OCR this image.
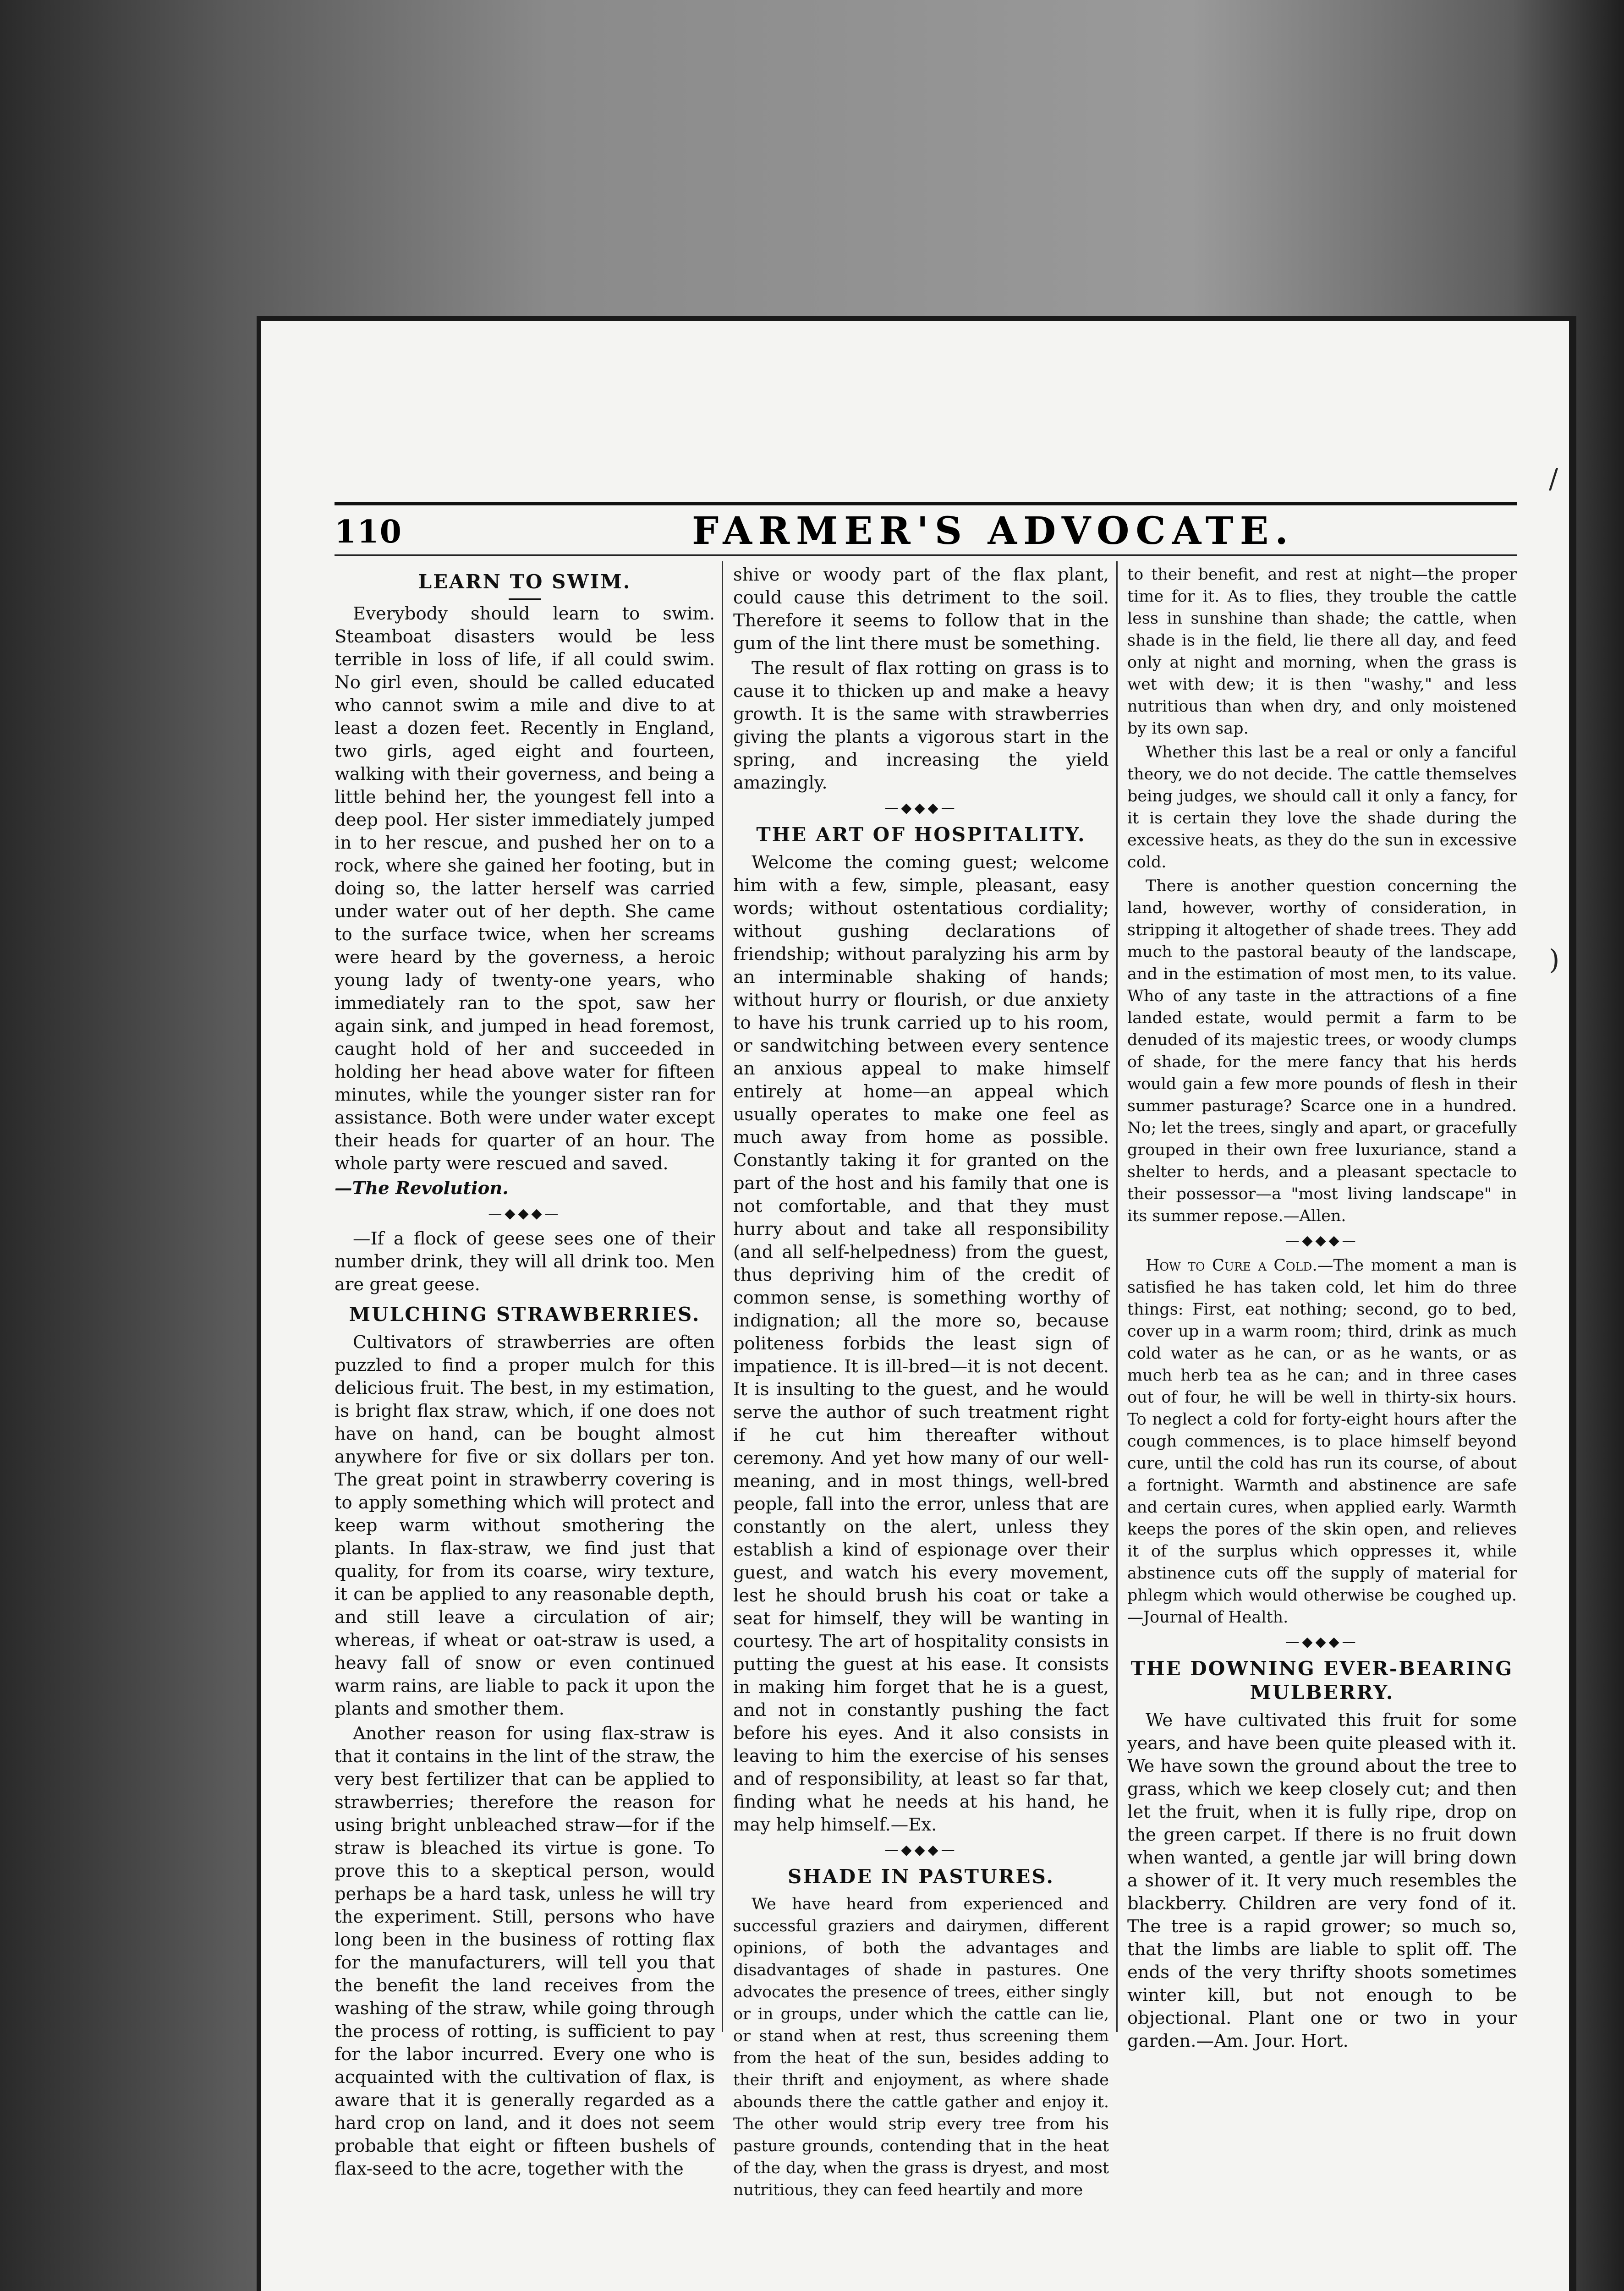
110	FARMER'S ADVOCATE.
LEARN TO SWIM.

Everybody should learn to swim. Steamboat disasters would be less terrible in loss of life, if all could swim. No girl even, should be called educated who cannot swim a mile and dive to at least a dozen feet. Recently in England, two girls, aged eight and fourteen, walking with their governess, and being a little behind her, the youngest fell into a deep pool. Her sister immediately jumped in to her rescue, and pushed her on to a rock, where she gained her footing, but in doing so, the latter herself was carried under water out of her depth. She came to the surface twice, when her screams were heard by the governess, a heroic young lady of twenty-one years, who immediately ran to the spot, saw her again sink, and jumped in head foremost, caught hold of her and succeeded in holding her head above water for fifteen minutes, while the younger sister ran for assistance. Both were under water except their heads for quarter of an hour. The whole party were rescued and saved.

—The Revolution.

—◆◆◆—

—If a flock of geese sees one of their number drink, they will all drink too. Men are great geese.

MULCHING STRAWBERRIES.

Cultivators of strawberries are often puzzled to find a proper mulch for this delicious fruit. The best, in my estimation, is bright flax straw, which, if one does not have on hand, can be bought almost anywhere for five or six dollars per ton. The great point in strawberry covering is to apply something which will protect and keep warm without smothering the plants. In flax-straw, we find just that quality, for from its coarse, wiry texture, it can be applied to any reasonable depth, and still leave a circulation of air; whereas, if wheat or oat-straw is used, a heavy fall of snow or even continued warm rains, are liable to pack it upon the plants and smother them.

Another reason for using flax-straw is that it contains in the lint of the straw, the very best fertilizer that can be applied to strawberries; therefore the reason for using bright unbleached straw—for if the straw is bleached its virtue is gone. To prove this to a skeptical person, would perhaps be a hard task, unless he will try the experiment. Still, persons who have long been in the business of rotting flax for the manufacturers, will tell you that the benefit the land receives from the washing of the straw, while going through the process of rotting, is sufficient to pay for the labor incurred. Every one who is acquainted with the cultivation of flax, is aware that it is generally regarded as a hard crop on land, and it does not seem probable that eight or fifteen bushels of flax-seed to the acre, together with the

shive or woody part of the flax plant, could cause this detriment to the soil. Therefore it seems to follow that in the gum of the lint there must be something.

The result of flax rotting on grass is to cause it to thicken up and make a heavy growth. It is the same with strawberries giving the plants a vigorous start in the spring, and increasing the yield amazingly.

—◆◆◆—
THE ART OF HOSPITALITY.

Welcome the coming guest; welcome him with a few, simple, pleasant, easy words; without ostentatious cordiality; without gushing declarations of friendship; without paralyzing his arm by an interminable shaking of hands; without hurry or flourish, or due anxiety to have his trunk carried up to his room, or sandwitching between every sentence an anxious appeal to make himself entirely at home—an appeal which usually operates to make one feel as much away from home as possible. Constantly taking it for granted on the part of the host and his family that one is not comfortable, and that they must hurry about and take all responsibility (and all self-helpedness) from the guest, thus depriving him of the credit of common sense, is something worthy of indignation; all the more so, because politeness forbids the least sign of impatience. It is ill-bred—it is not decent. It is insulting to the guest, and he would serve the author of such treatment right if he cut him thereafter without ceremony. And yet how many of our well-meaning, and in most things, well-bred people, fall into the error, unless that are constantly on the alert, unless they establish a kind of espionage over their guest, and watch his every movement, lest he should brush his coat or take a seat for himself, they will be wanting in courtesy. The art of hospitality consists in putting the guest at his ease. It consists in making him forget that he is a guest, and not in constantly pushing the fact before his eyes. And it also consists in leaving to him the exercise of his senses and of responsibility, at least so far that, finding what he needs at his hand, he may help himself.—Ex.

—◆◆◆—
SHADE IN PASTURES.

We have heard from experienced and successful graziers and dairymen, different opinions, of both the advantages and disadvantages of shade in pastures. One advocates the presence of trees, either singly or in groups, under which the cattle can lie, or stand when at rest, thus screening them from the heat of the sun, besides adding to their thrift and enjoyment, as where shade abounds there the cattle gather and enjoy it. The other would strip every tree from his pasture grounds, contending that in the heat of the day, when the grass is dryest, and most nutritious, they can feed heartily and more

to their benefit, and rest at night—the proper time for it. As to flies, they trouble the cattle less in sunshine than shade; the cattle, when shade is in the field, lie there all day, and feed only at night and morning, when the grass is wet with dew; it is then "washy," and less nutritious than when dry, and only moistened by its own sap.

Whether this last be a real or only a fanciful theory, we do not decide. The cattle themselves being judges, we should call it only a fancy, for it is certain they love the shade during the excessive heats, as they do the sun in excessive cold.

There is another question concerning the land, however, worthy of consideration, in stripping it altogether of shade trees. They add much to the pastoral beauty of the landscape, and in the estimation of most men, to its value. Who of any taste in the attractions of a fine landed estate, would permit a farm to be denuded of its majestic trees, or woody clumps of shade, for the mere fancy that his herds would gain a few more pounds of flesh in their summer pasturage? Scarce one in a hundred. No; let the trees, singly and apart, or gracefully grouped in their own free luxuriance, stand a shelter to herds, and a pleasant spectacle to their possessor—a "most living landscape" in its summer repose.—Allen.

—◆◆◆—

How to Cure a Cold.—The moment a man is satisfied he has taken cold, let him do three things: First, eat nothing; second, go to bed, cover up in a warm room; third, drink as much cold water as he can, or as he wants, or as much herb tea as he can; and in three cases out of four, he will be well in thirty-six hours. To neglect a cold for forty-eight hours after the cough commences, is to place himself beyond cure, until the cold has run its course, of about a fortnight. Warmth and abstinence are safe and certain cures, when applied early. Warmth keeps the pores of the skin open, and relieves it of the surplus which oppresses it, while abstinence cuts off the supply of material for phlegm which would otherwise be coughed up.—Journal of Health.

—◆◆◆—
THE DOWNING EVER-BEARING MULBERRY.

We have cultivated this fruit for some years, and have been quite pleased with it. We have sown the ground about the tree to grass, which we keep closely cut; and then let the fruit, when it is fully ripe, drop on the green carpet. If there is no fruit down when wanted, a gentle jar will bring down a shower of it. It very much resembles the blackberry. Children are very fond of it. The tree is a rapid grower; so much so, that the limbs are liable to split off. The ends of the very thrifty shoots sometimes winter kill, but not enough to be objectional. Plant one or two in your garden.—Am. Jour. Hort.

/
)
